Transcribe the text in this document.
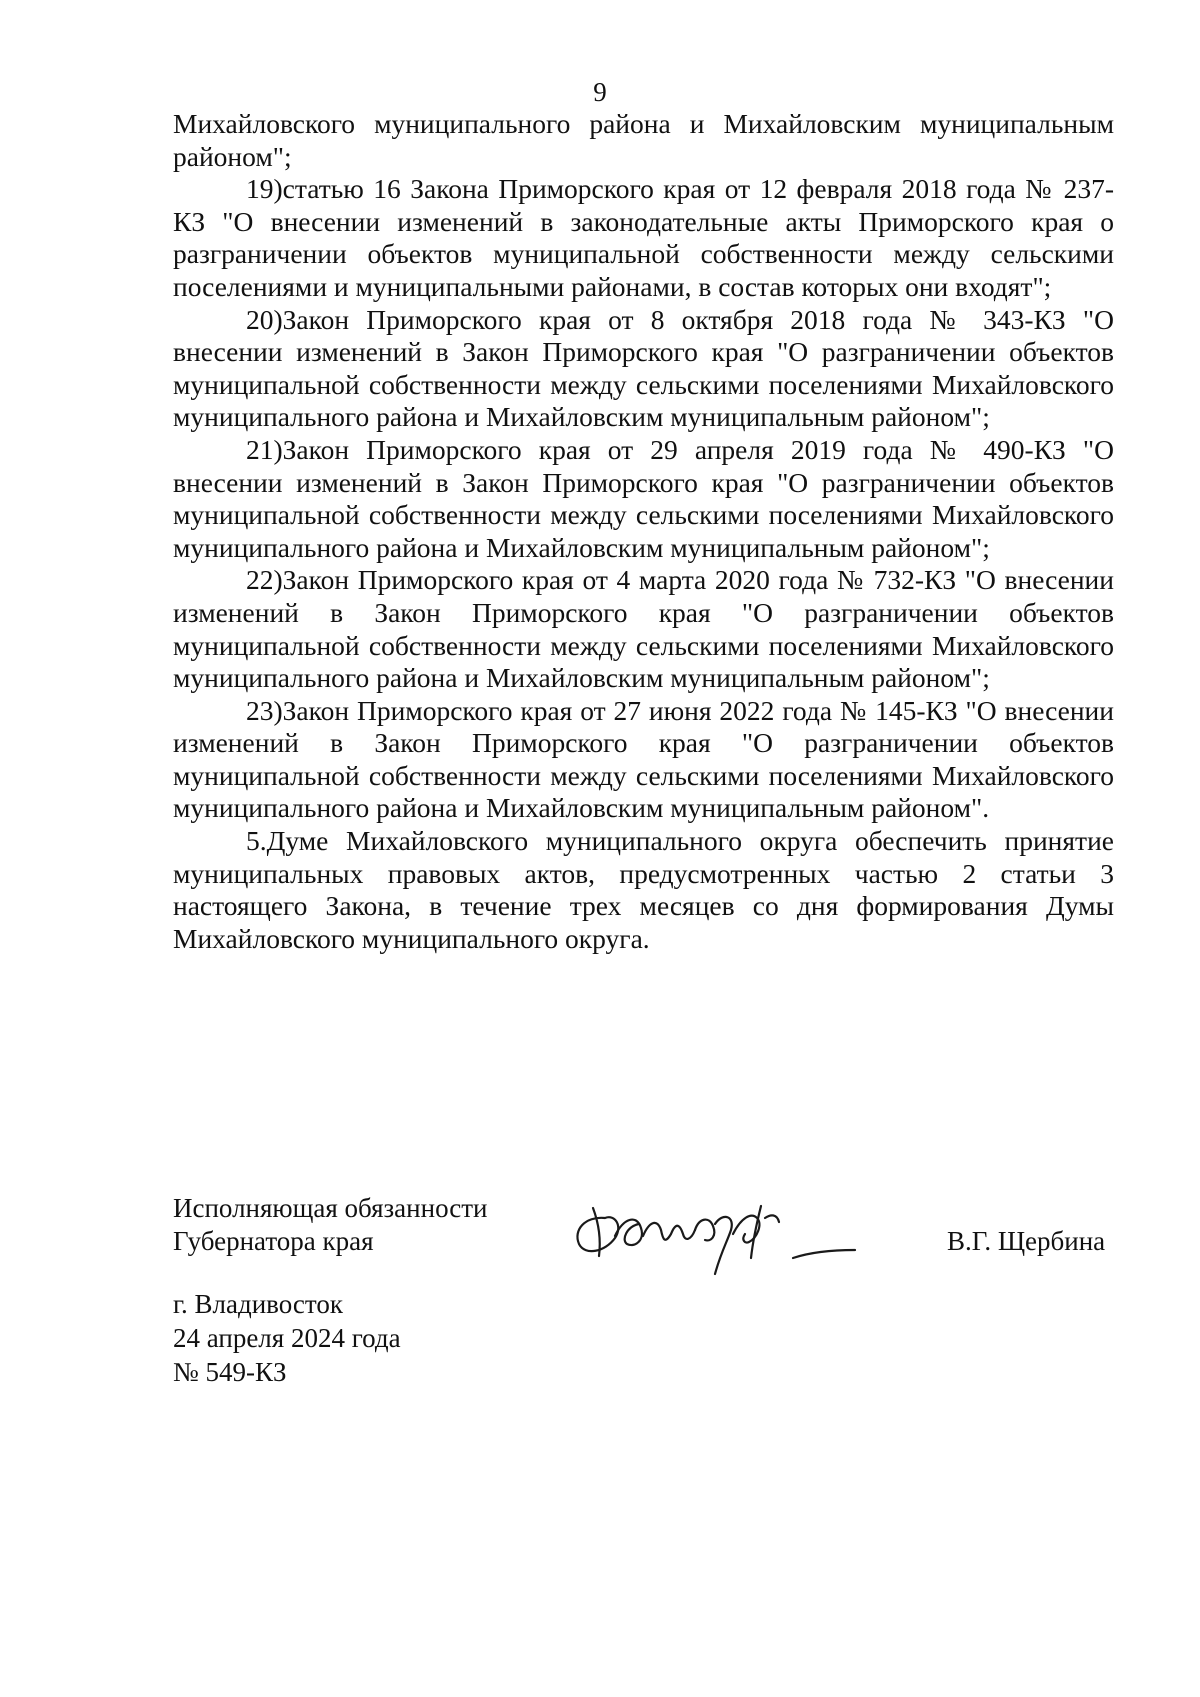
9

Михайловского муниципального района и Михайловским муниципальным районом";

19)статью 16 Закона Приморского края от 12 февраля 2018 года № 237-КЗ "О внесении изменений в законодательные акты Приморского края о разграничении объектов муниципальной собственности между сельскими поселениями и муниципальными районами, в состав которых они входят";

20)Закон Приморского края от 8 октября 2018 года № 343-КЗ "О внесении изменений в Закон Приморского края "О разграничении объектов муниципальной собственности между сельскими поселениями Михайловского муниципального района и Михайловским муниципальным районом";

21)Закон Приморского края от 29 апреля 2019 года № 490-КЗ "О внесении изменений в Закон Приморского края "О разграничении объектов муниципальной собственности между сельскими поселениями Михайловского муниципального района и Михайловским муниципальным районом";

22)Закон Приморского края от 4 марта 2020 года № 732-КЗ "О внесении изменений в Закон Приморского края "О разграничении объектов муниципальной собственности между сельскими поселениями Михайловского муниципального района и Михайловским муниципальным районом";

23)Закон Приморского края от 27 июня 2022 года № 145-КЗ "О внесении изменений в Закон Приморского края "О разграничении объектов муниципальной собственности между сельскими поселениями Михайловского муниципального района и Михайловским муниципальным районом".

5.Думе Михайловского муниципального округа обеспечить принятие муниципальных правовых актов, предусмотренных частью 2 статьи 3 настоящего Закона, в течение трех месяцев со дня формирования Думы Михайловского муниципального округа.

Исполняющая обязанности
Губернатора края	В.Г. Щербина
г. Владивосток
24 апреля 2024 года
№ 549-КЗ
